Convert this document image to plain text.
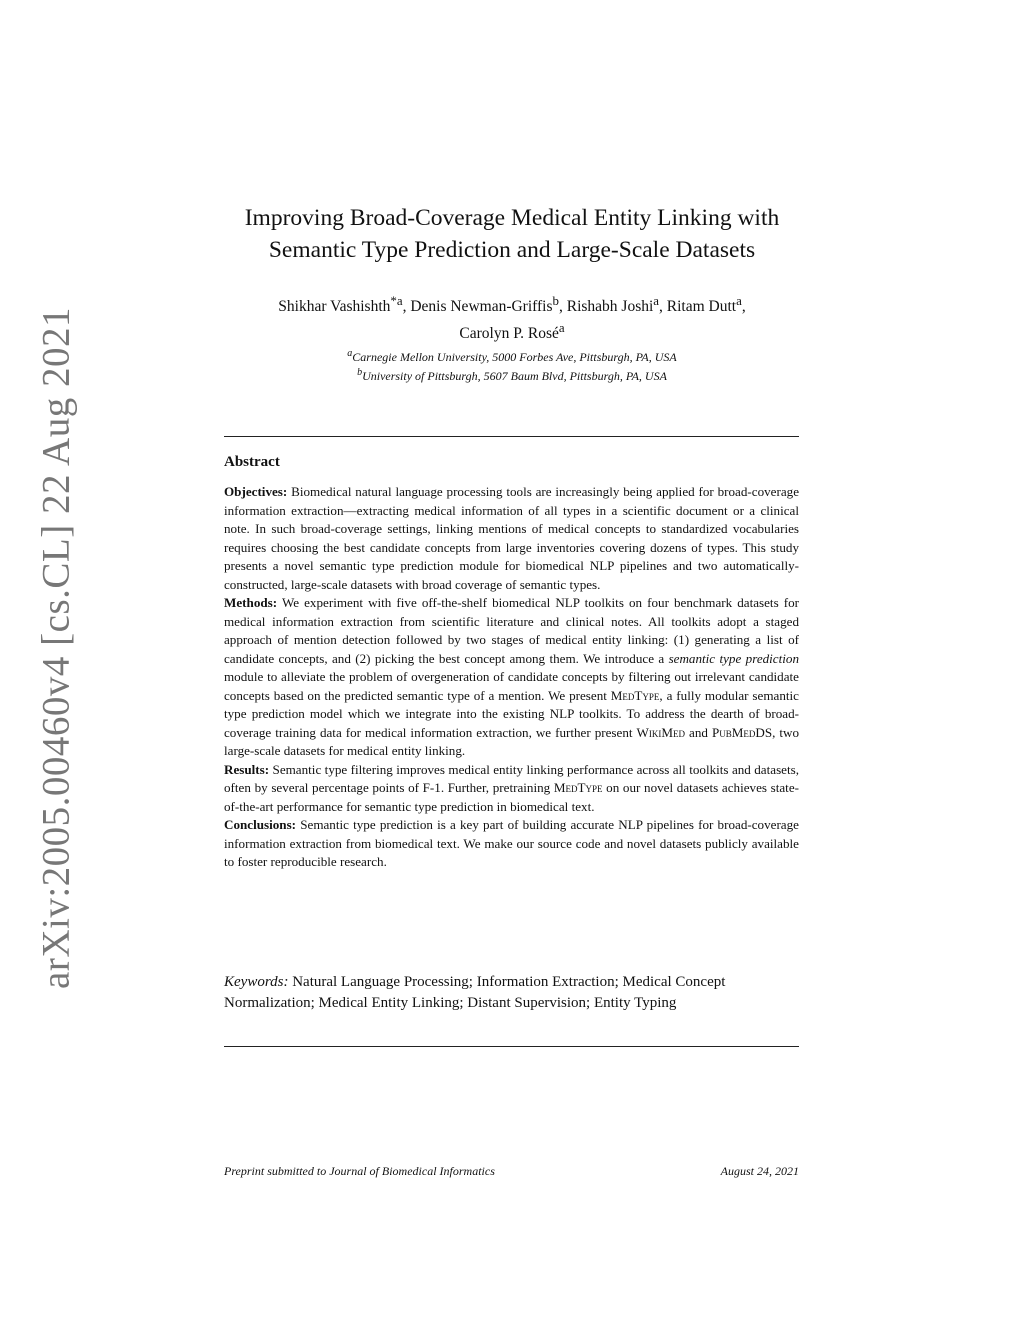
arXiv:2005.00460v4 [cs.CL] 22 Aug 2021
Improving Broad-Coverage Medical Entity Linking with
Semantic Type Prediction and Large-Scale Datasets
Shikhar Vashishth$^{*a}$, Denis Newman-Griffis$^b$, Rishabh Joshi$^a$, Ritam Dutt$^a$,
Carolyn P. Rosé$^a$
$^a$Carnegie Mellon University, 5000 Forbes Ave, Pittsburgh, PA, USA
$^b$University of Pittsburgh, 5607 Baum Blvd, Pittsburgh, PA, USA
Abstract

Objectives: Biomedical natural language processing tools are increasingly being applied for broad-coverage information extraction—extracting medical information of all types in a scientific document or a clinical note. In such broad-coverage settings, linking mentions of medical concepts to standardized vocabularies requires choosing the best candidate concepts from large inventories covering dozens of types. This study presents a novel semantic type prediction module for biomedical NLP pipelines and two automatically-constructed, large-scale datasets with broad coverage of semantic types.

Methods: We experiment with five off-the-shelf biomedical NLP toolkits on four benchmark datasets for medical information extraction from scientific literature and clinical notes. All toolkits adopt a staged approach of mention detection followed by two stages of medical entity linking: (1) generating a list of candidate concepts, and (2) picking the best concept among them. We introduce a semantic type prediction module to alleviate the problem of overgeneration of candidate concepts by filtering out irrelevant candidate concepts based on the predicted semantic type of a mention. We present MedType, a fully modular semantic type prediction model which we integrate into the existing NLP toolkits. To address the dearth of broad-coverage training data for medical information extraction, we further present WikiMed and PubMedDS, two large-scale datasets for medical entity linking.

Results: Semantic type filtering improves medical entity linking performance across all toolkits and datasets, often by several percentage points of F-1. Further, pretraining MedType on our novel datasets achieves state-of-the-art performance for semantic type prediction in biomedical text.

Conclusions: Semantic type prediction is a key part of building accurate NLP pipelines for broad-coverage information extraction from biomedical text. We make our source code and novel datasets publicly available to foster reproducible research.

Keywords: Natural Language Processing; Information Extraction; Medical Concept Normalization; Medical Entity Linking; Distant Supervision; Entity Typing
Preprint submitted to Journal of Biomedical Informatics	August 24, 2021
